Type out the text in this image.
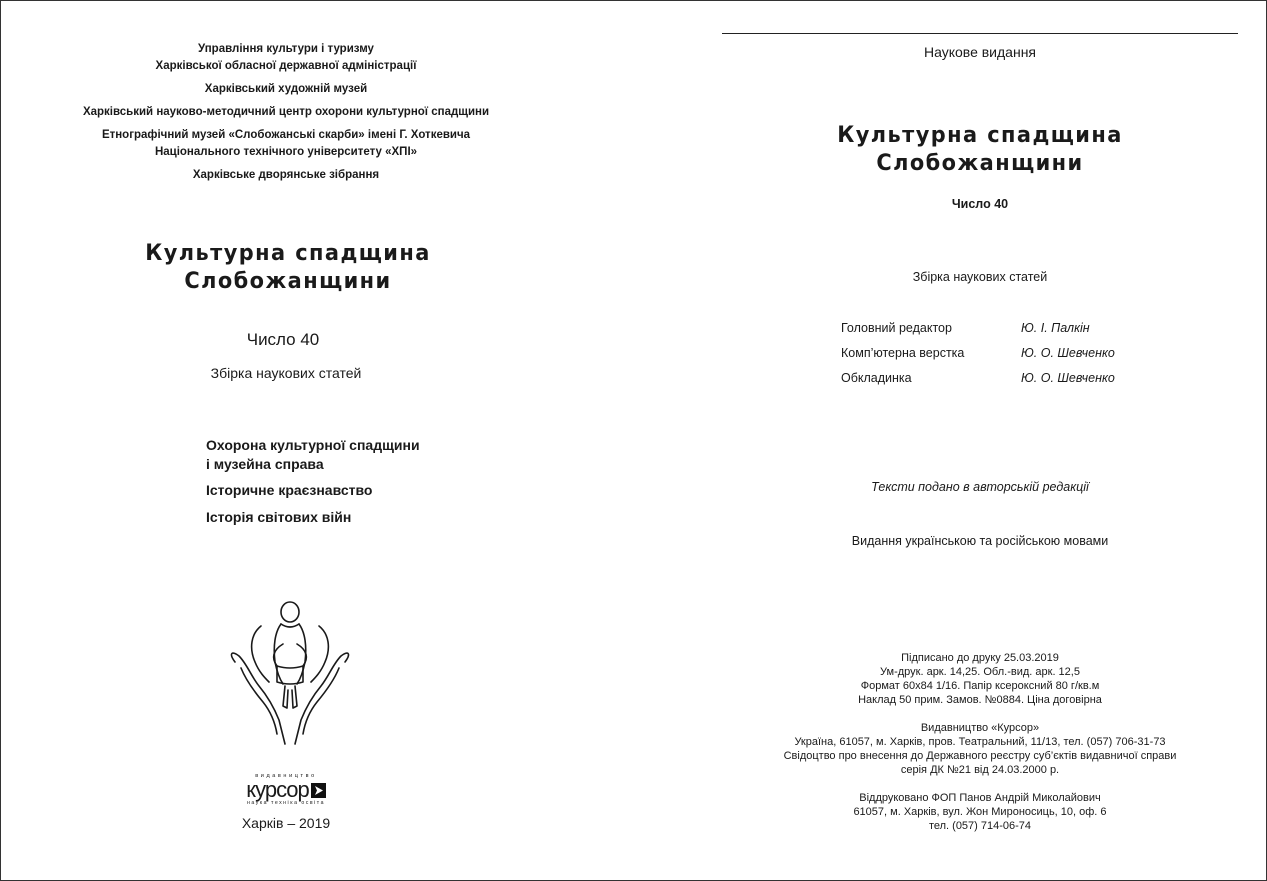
Управління культури і туризму
Харківської обласної державної адміністрації
Харківський художній музей
Харківський науково-методичний центр охорони культурної спадщини
Етнографічний музей «Слобожанські скарби» імені Г. Хоткевича
Національного технічного університету «ХПІ»
Харківське дворянське зібрання
Культурна спадщина
Слобожанщини
Число 40
Збірка наукових статей
Охорона культурної спадщини
і музейна справа
Історичне краєзнавство
Історія світових війн
видавництво
курсор
наука техніка освіта
Харків – 2019
Наукове видання
Культурна спадщина
Слобожанщини
Число 40
Збірка наукових статей
Головний редактор	Ю. І. Палкін
Комп’ютерна верстка	Ю. О. Шевченко
Обкладинка	Ю. О. Шевченко
Тексти подано в авторській редакції
Видання українською та російською мовами
Підписано до друку 25.03.2019
Ум-друк. арк. 14,25. Обл.-вид. арк. 12,5
Формат 60х84 1/16. Папір ксероксний 80 г/кв.м
Наклад 50 прим. Замов. №0884. Ціна договірна
Видавництво «Курсор»
Україна, 61057, м. Харків, пров. Театральний, 11/13, тел. (057) 706-31-73
Свідоцтво про внесення до Державного реєстру суб’єктів видавничої справи
серія ДК №21 від 24.03.2000 р.
Віддруковано ФОП Панов Андрій Миколайович
61057, м. Харків, вул. Жон Мироносиць, 10, оф. 6
тел. (057) 714-06-74
